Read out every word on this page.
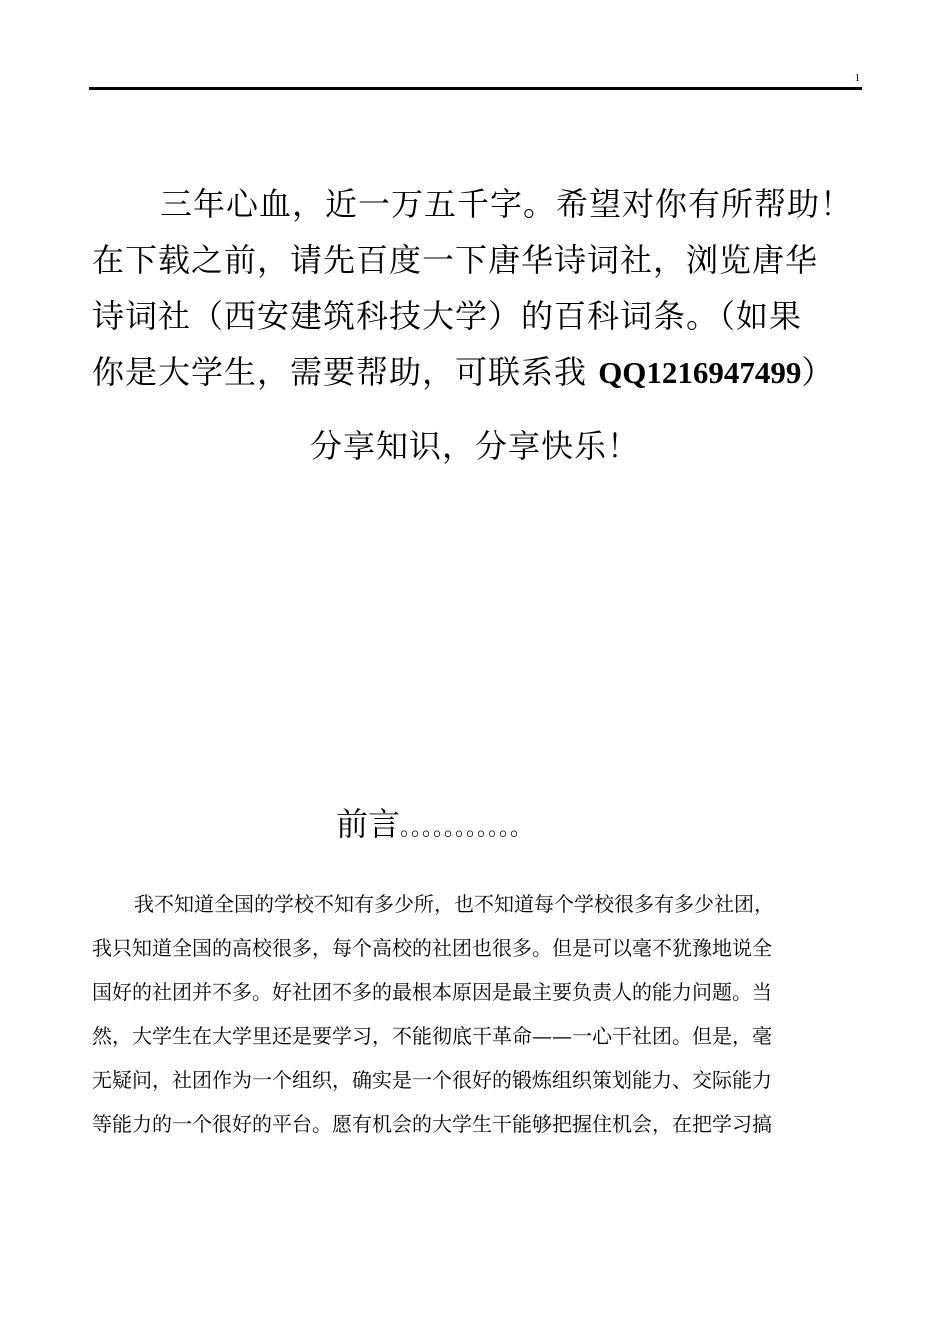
1
三年心血，近一万五千字。希望对你有所帮助！
在下载之前，请先百度一下唐华诗词社，浏览唐华
诗词社（西安建筑科技大学）的百科词条。（如果
你是大学生，需要帮助，可联系我 QQ1216947499）
分享知识，分享快乐！
前言。。。。。。。。。。。
我不知道全国的学校不知有多少所，也不知道每个学校很多有多少社团，
我只知道全国的高校很多，每个高校的社团也很多。但是可以毫不犹豫地说全
国好的社团并不多。好社团不多的最根本原因是最主要负责人的能力问题。当
然，大学生在大学里还是要学习，不能彻底干革命——一心干社团。但是，毫
无疑问，社团作为一个组织，确实是一个很好的锻炼组织策划能力、交际能力
等能力的一个很好的平台。愿有机会的大学生干能够把握住机会，在把学习搞
